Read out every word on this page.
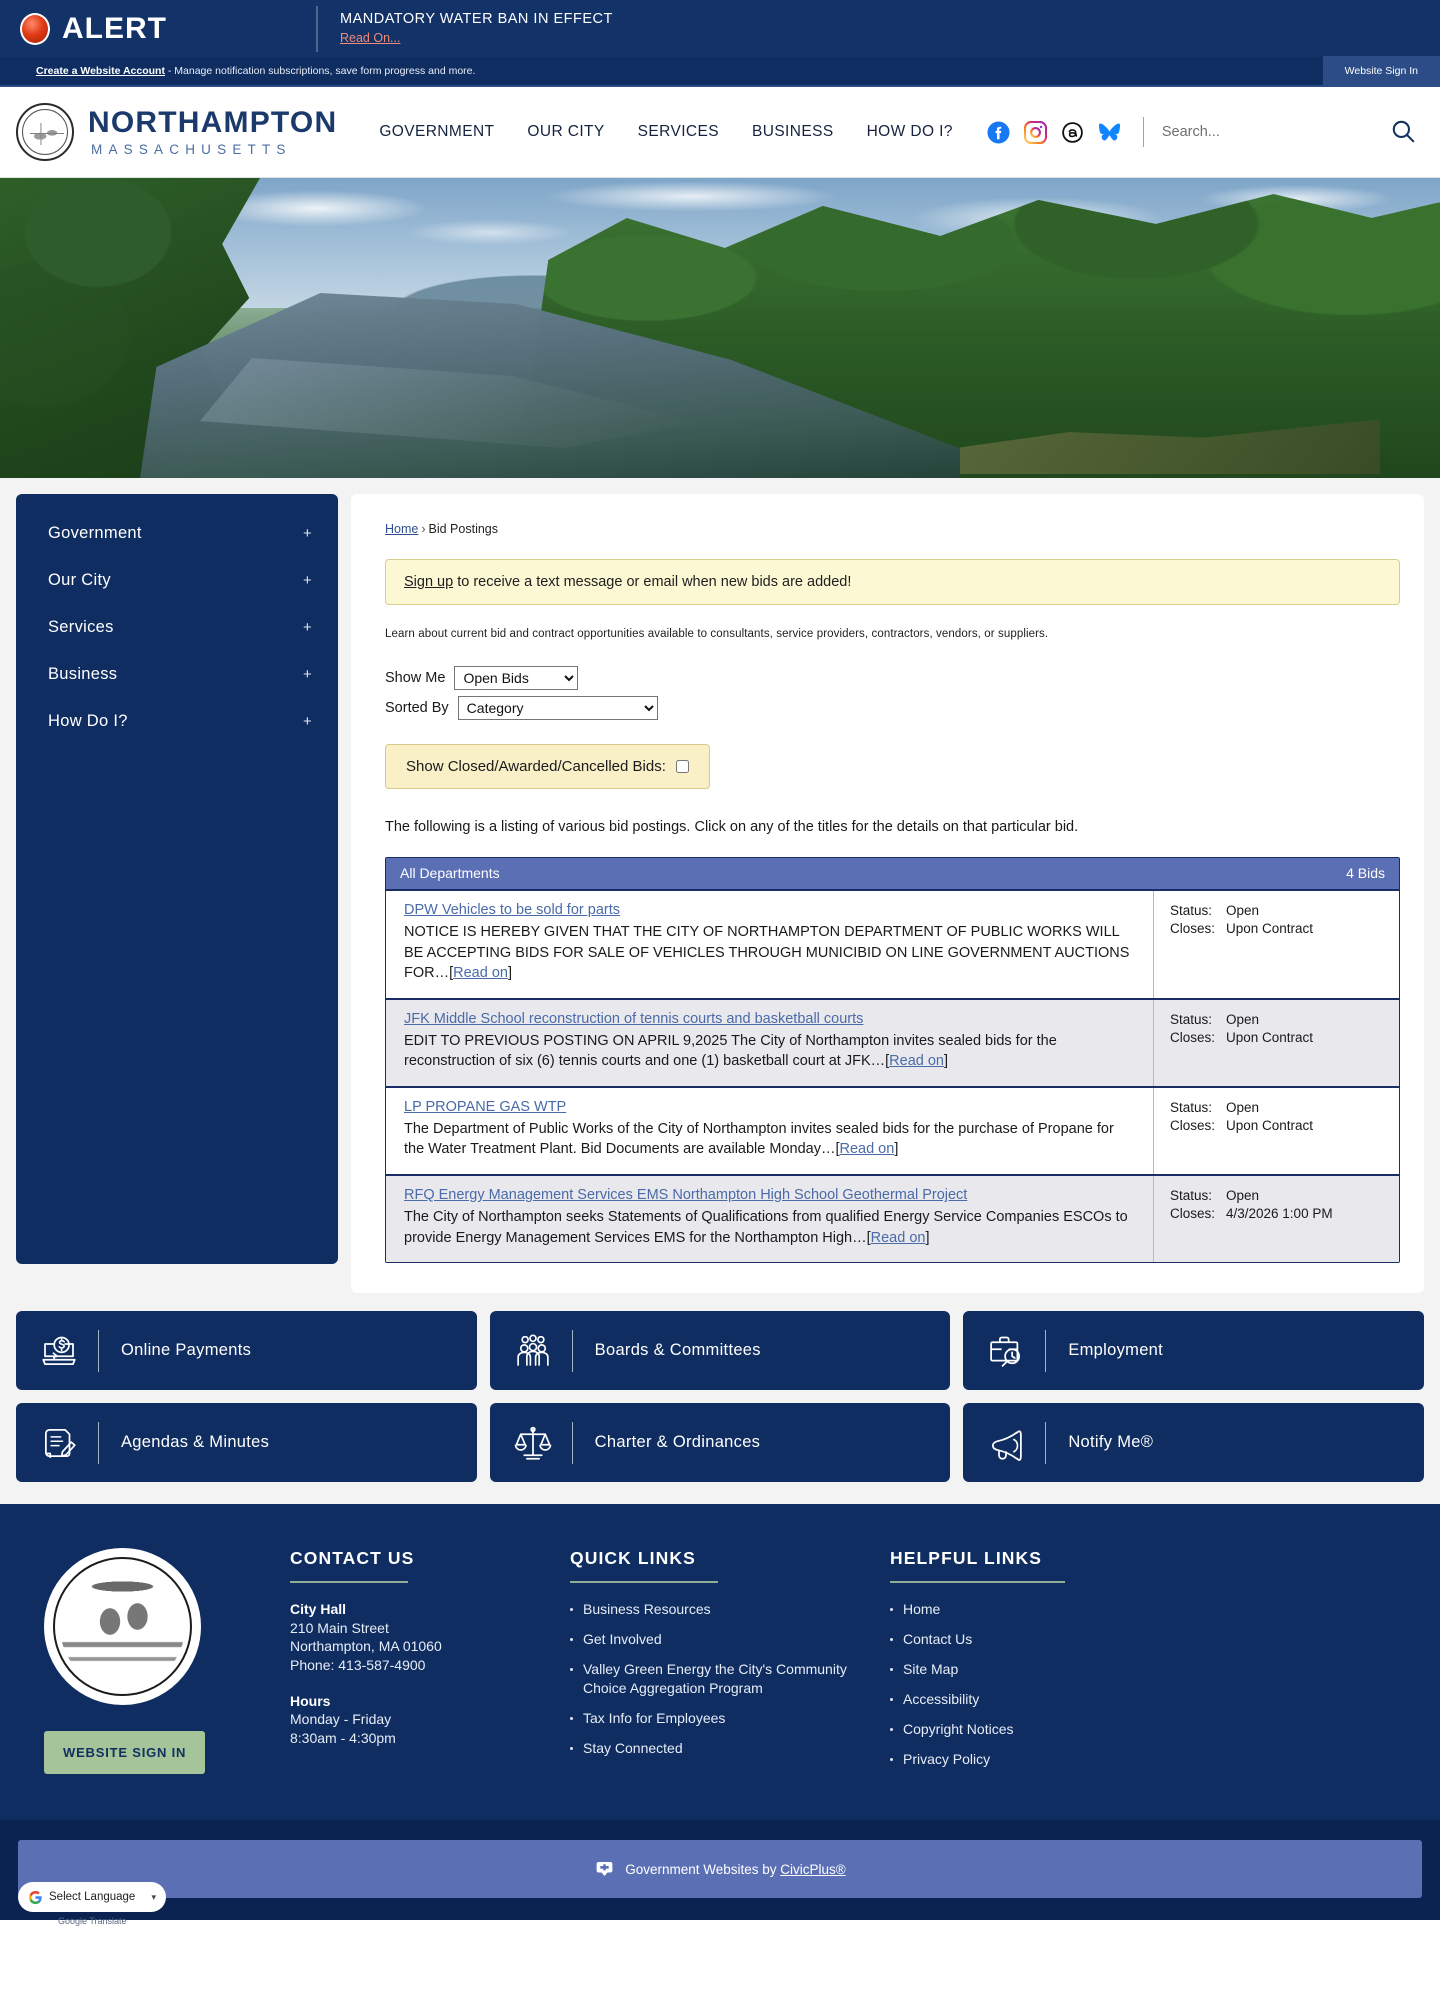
ALERT	MANDATORY WATER BAN IN EFFECT
Read On...
Create a Website Account - Manage notification subscriptions, save form progress and more.	Website Sign In
NORTHAMPTON
MASSACHUSETTS
GOVERNMENT OUR CITY SERVICES BUSINESS HOW DO I?
Search...
Government	+
Our City	+
Services	+
Business	+
How Do I?	+
Home › Bid Postings
Sign up to receive a text message or email when new bids are added!
Learn about current bid and contract opportunities available to consultants, service providers, contractors, vendors, or suppliers.
Show Me
Open Bids
Sorted By
Category
Show Closed/Awarded/Cancelled Bids:
The following is a listing of various bid postings. Click on any of the titles for the details on that particular bid.
All Departments	4 Bids
DPW Vehicles to be sold for parts
NOTICE IS HEREBY GIVEN THAT THE CITY OF NORTHAMPTON DEPARTMENT OF PUBLIC WORKS WILL BE ACCEPTING BIDS FOR SALE OF VEHICLES THROUGH MUNICIBID ON LINE GOVERNMENT AUCTIONS FOR…[Read on]
Status:	Open
Closes: Upon Contract
JFK Middle School reconstruction of tennis courts and basketball courts
EDIT TO PREVIOUS POSTING ON APRIL 9,2025 The City of Northampton invites sealed bids for the reconstruction of six (6) tennis courts and one (1) basketball court at JFK…[Read on]
Status:	Open
Closes: Upon Contract
LP PROPANE GAS WTP
The Department of Public Works of the City of Northampton invites sealed bids for the purchase of Propane for the Water Treatment Plant. Bid Documents are available Monday…[Read on]
Status:	Open
Closes: Upon Contract
RFQ Energy Management Services EMS Northampton High School Geothermal Project
The City of Northampton seeks Statements of Qualifications from qualified Energy Service Companies ESCOs to provide Energy Management Services EMS for the Northampton High…[Read on]
Status:	Open
Closes: 4/3/2026 1:00 PM
Online Payments	Boards & Committees	Employment
Agendas & Minutes	Charter & Ordinances	Notify Me®
WEBSITE SIGN IN
CONTACT US
City Hall
210 Main Street
Northampton, MA 01060
Phone: 413-587-4900
Hours
Monday - Friday
8:30am - 4:30pm
QUICK LINKS
Business Resources
Get Involved
Valley Green Energy the City's Community Choice Aggregation Program
Tax Info for Employees
Stay Connected
HELPFUL LINKS
Home
Contact Us
Site Map
Accessibility
Copyright Notices
Privacy Policy
Government Websites by CivicPlus®
Select Language	▾
Google Translate
